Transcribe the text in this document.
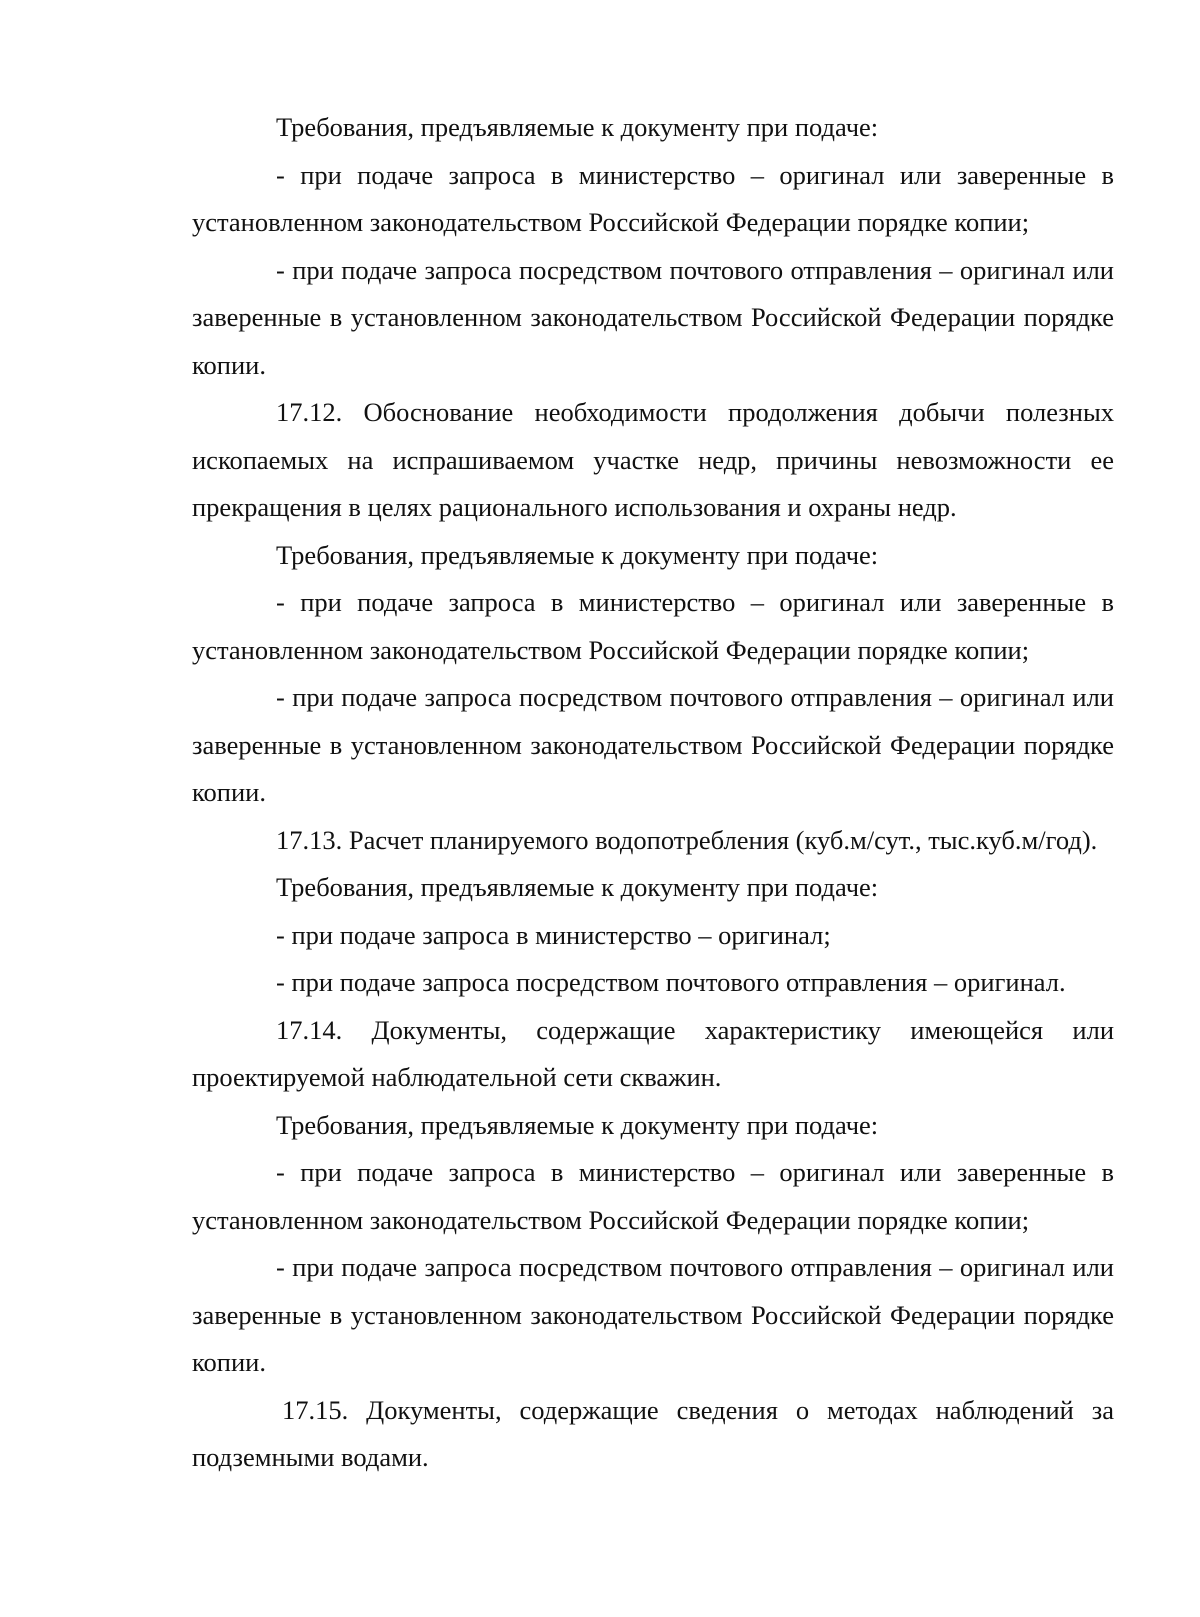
Требования, предъявляемые к документу при подаче:

- при подаче запроса в министерство – оригинал или заверенные в установленном законодательством Российской Федерации порядке копии;

- при подаче запроса посредством почтового отправления – оригинал или заверенные в установленном законодательством Российской Федерации порядке копии.

17.12. Обоснование необходимости продолжения добычи полезных ископаемых на испрашиваемом участке недр, причины невозможности ее прекращения в целях рационального использования и охраны недр.

Требования, предъявляемые к документу при подаче:

- при подаче запроса в министерство – оригинал или заверенные в установленном законодательством Российской Федерации порядке копии;

- при подаче запроса посредством почтового отправления – оригинал или заверенные в установленном законодательством Российской Федерации порядке копии.

17.13. Расчет планируемого водопотребления (куб.м/сут., тыс.куб.м/год).

Требования, предъявляемые к документу при подаче:

- при подаче запроса в министерство – оригинал;

- при подаче запроса посредством почтового отправления – оригинал.

17.14. Документы, содержащие характеристику имеющейся или проектируемой наблюдательной сети скважин.

Требования, предъявляемые к документу при подаче:

- при подаче запроса в министерство – оригинал или заверенные в установленном законодательством Российской Федерации порядке копии;

- при подаче запроса посредством почтового отправления – оригинал или заверенные в установленном законодательством Российской Федерации порядке копии.

17.15. Документы, содержащие сведения о методах наблюдений за подземными водами.
